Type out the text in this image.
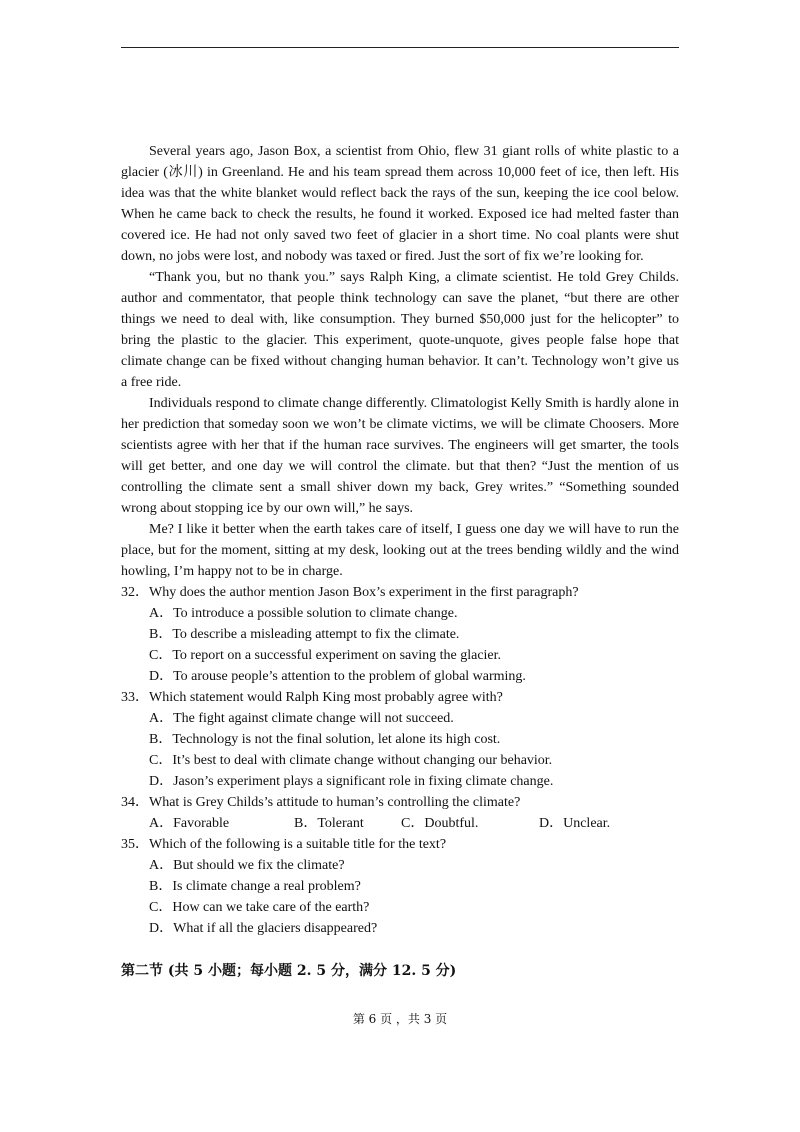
Several years ago, Jason Box, a scientist from Ohio, flew 31 giant rolls of white plastic to a glacier (冰川) in Greenland. He and his team spread them across 10,000 feet of ice, then left. His idea was that the white blanket would reflect back the rays of the sun, keeping the ice cool below. When he came back to check the results, he found it worked. Exposed ice had melted faster than covered ice. He had not only saved two feet of glacier in a short time. No coal plants were shut down, no jobs were lost, and nobody was taxed or fired. Just the sort of fix we’re looking for.

“Thank you, but no thank you.” says Ralph King, a climate scientist. He told Grey Childs. author and commentator, that people think technology can save the planet, “but there are other things we need to deal with, like consumption. They burned $50,000 just for the helicopter” to bring the plastic to the glacier. This experiment, quote-unquote, gives people false hope that climate change can be fixed without changing human behavior. It can’t. Technology won’t give us a free ride.

Individuals respond to climate change differently. Climatologist Kelly Smith is hardly alone in her prediction that someday soon we won’t be climate victims, we will be climate Choosers. More scientists agree with her that if the human race survives. The engineers will get smarter, the tools will get better, and one day we will control the climate. but that then? “Just the mention of us controlling the climate sent a small shiver down my back, Grey writes.” “Something sounded wrong about stopping ice by our own will,” he says.

Me? I like it better when the earth takes care of itself, I guess one day we will have to run the place, but for the moment, sitting at my desk, looking out at the trees bending wildly and the wind howling, I’m happy not to be in charge.

32．Why does the author mention Jason Box’s experiment in the first paragraph?

A．To introduce a possible solution to climate change.

B．To describe a misleading attempt to fix the climate.

C．To report on a successful experiment on saving the glacier.

D．To arouse people’s attention to the problem of global warming.

33．Which statement would Ralph King most probably agree with?

A．The fight against climate change will not succeed.

B．Technology is not the final solution, let alone its high cost.

C．It’s best to deal with climate change without changing our behavior.

D．Jason’s experiment plays a significant role in fixing climate change.

34．What is Grey Childs’s attitude to human’s controlling the climate?

A．Favorable	B．Tolerant	C．Doubtful.	D．Unclear.

35．Which of the following is a suitable title for the text?

A．But should we fix the climate?

B．Is climate change a real problem?

C．How can we take care of the earth?

D．What if all the glaciers disappeared?

第二节 (共 5 小题；每小题 2. 5 分，满分 12. 5 分)
第 6 页 ，共 3 页
